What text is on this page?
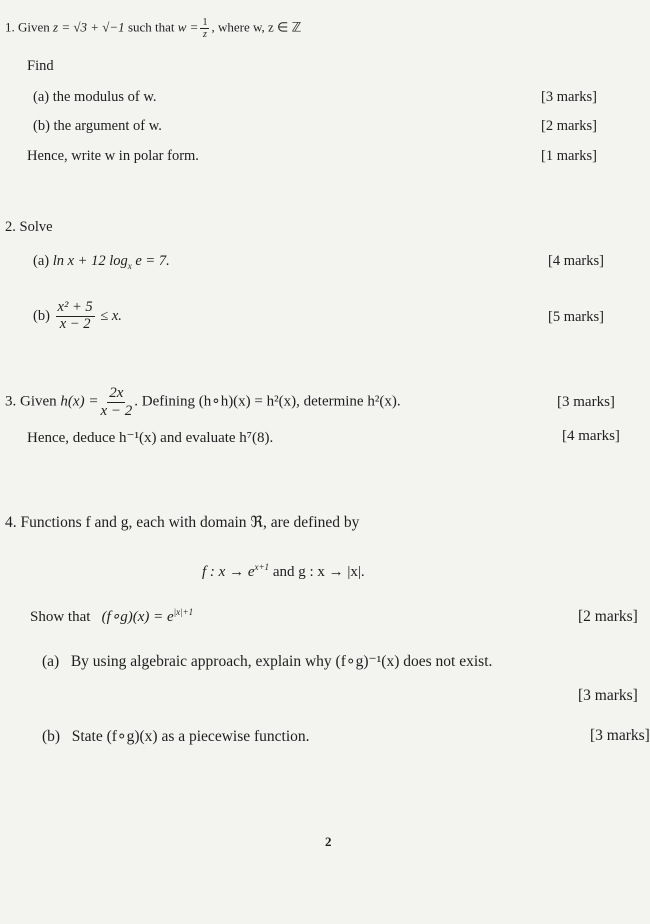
1. Given z = √3 + √−1 such that $w = \frac{1}{z}$ , where w, z ∈ ℤ
Find
(a) the modulus of w.	[3 marks]
(b) the argument of w.	[2 marks]
Hence, write w in polar form.	[1 marks]
2. Solve
(a) ln x + 12 $\log_x e = 7$.	[4 marks]
$(b) \frac{\text{x² + 5}}{x - 2} \le x$.	[5 marks]
3. Given $h(x) = \frac{2x}{x - 2}$ . Defining (h∘h)(x) = h²(x), determine h²(x).	[3 marks]
Hence, deduce h⁻¹(x) and evaluate h⁷(8).	[4 marks]
4. Functions f and g, each with domain ℜ, are defined by
f : $x \to e^{x+1}$ and g : x → |x|.
Show that (f∘g)(x) = $e^{|x|+1}$	[2 marks]
(a) By using algebraic approach, explain why (f∘g)⁻¹(x) does not exist.
[3 marks]
(b) State (f∘g)(x) as a piecewise function.	[3 marks]
2
